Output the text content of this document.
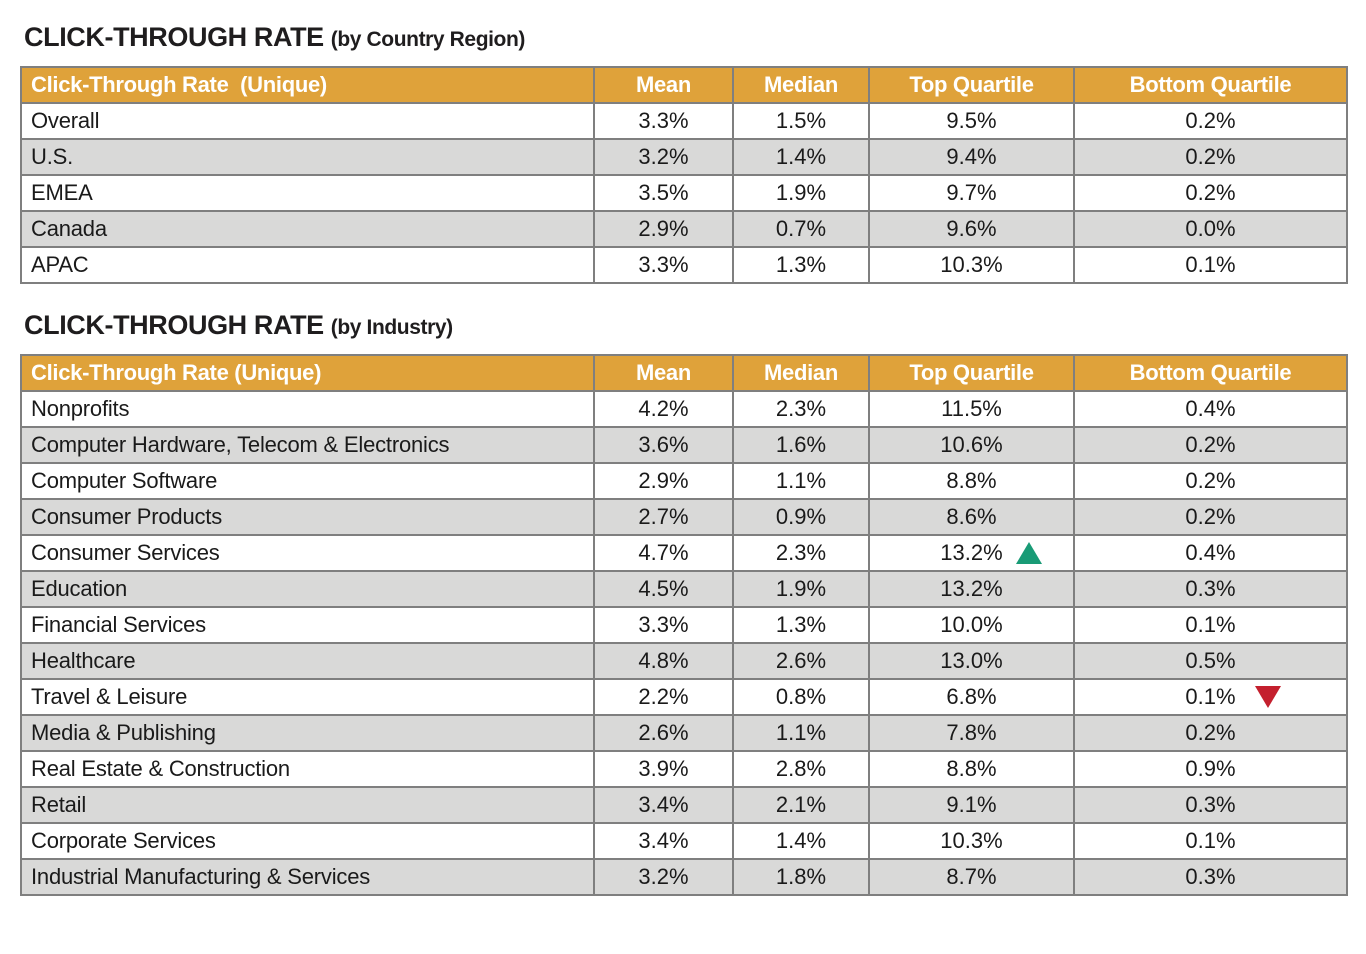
CLICK-THROUGH RATE (by Country Region)
Click-Through Rate  (Unique)	Mean	Median	Top Quartile	Bottom Quartile
Overall	3.3%	1.5%	9.5%	0.2%
U.S.	3.2%	1.4%	9.4%	0.2%
EMEA	3.5%	1.9%	9.7%	0.2%
Canada	2.9%	0.7%	9.6%	0.0%
APAC	3.3%	1.3%	10.3%	0.1%
CLICK-THROUGH RATE (by Industry)
Click-Through Rate (Unique)	Mean	Median	Top Quartile	Bottom Quartile
Nonprofits	4.2%	2.3%	11.5%	0.4%
Computer Hardware, Telecom & Electronics	3.6%	1.6%	10.6%	0.2%
Computer Software	2.9%	1.1%	8.8%	0.2%
Consumer Products	2.7%	0.9%	8.6%	0.2%
Consumer Services	4.7%	2.3%	13.2%	0.4%
Education	4.5%	1.9%	13.2%	0.3%
Financial Services	3.3%	1.3%	10.0%	0.1%
Healthcare	4.8%	2.6%	13.0%	0.5%
Travel & Leisure	2.2%	0.8%	6.8%	0.1%

Media & Publishing	2.6%	1.1%	7.8%	0.2%
Real Estate & Construction	3.9%	2.8%	8.8%	0.9%
Retail	3.4%	2.1%	9.1%	0.3%
Corporate Services	3.4%	1.4%	10.3%	0.1%
Industrial Manufacturing & Services	3.2%	1.8%	8.7%	0.3%
